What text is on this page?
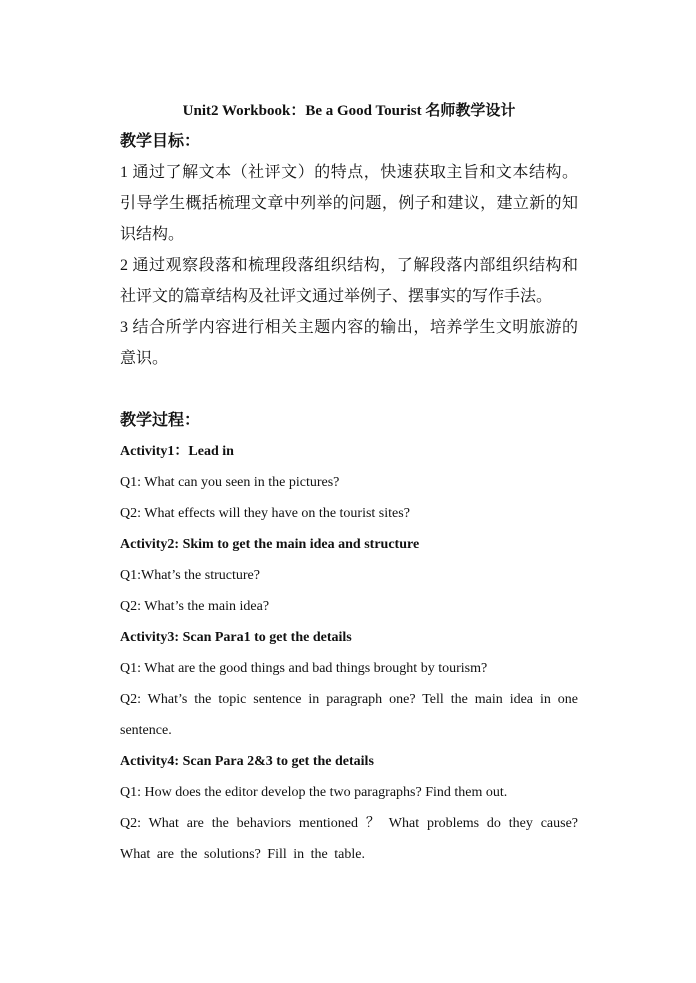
Unit2 Workbook：Be a Good Tourist 名师教学设计

教学目标：

1 通过了解文本（社评文）的特点，快速获取主旨和文本结构。引导学生概括梳理文章中列举的问题，例子和建议，建立新的知识结构。

2 通过观察段落和梳理段落组织结构，了解段落内部组织结构和社评文的篇章结构及社评文通过举例子、摆事实的写作手法。

3 结合所学内容进行相关主题内容的输出，培养学生文明旅游的意识。

教学过程：

Activity1：Lead in

Q1: What can you seen in the pictures?

Q2: What effects will they have on the tourist sites?

Activity2: Skim to get the main idea and structure

Q1:What’s the structure?

Q2: What’s the main idea?

Activity3: Scan Para1 to get the details

Q1: What are the good things and bad things brought by tourism?

Q2: What’s the topic sentence in paragraph one? Tell the main idea in one sentence.

Activity4: Scan Para 2&3 to get the details

Q1: How does the editor develop the two paragraphs? Find them out.

Q2: What are the behaviors mentioned ？ What problems do they cause? What are the solutions? Fill in the table.
